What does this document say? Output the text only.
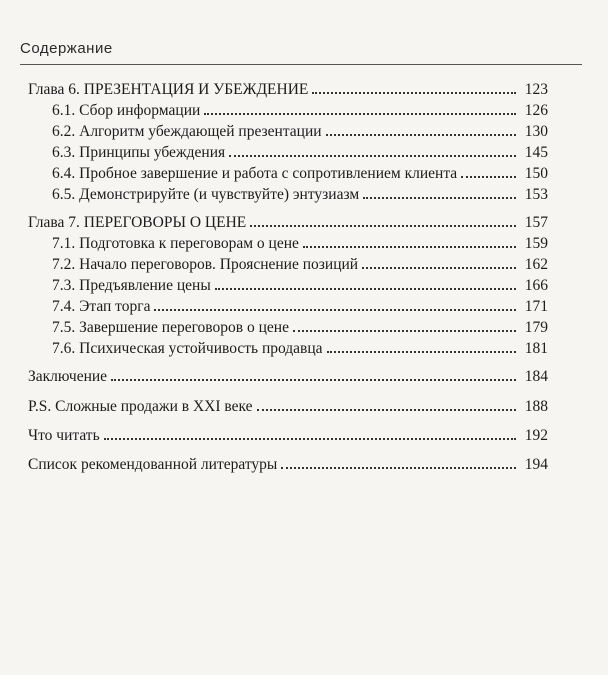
Содержание
Глава 6. ПРЕЗЕНТАЦИЯ И УБЕЖДЕНИЕ	123
6.1. Сбор информации	126
6.2. Алгоритм убеждающей презентации	130
6.3. Принципы убеждения	145
6.4. Пробное завершение и работа с сопротивлением клиента	150
6.5. Демонстрируйте (и чувствуйте) энтузиазм	153
Глава 7. ПЕРЕГОВОРЫ О ЦЕНЕ	157
7.1. Подготовка к переговорам о цене	159
7.2. Начало переговоров. Прояснение позиций	162
7.3. Предъявление цены	166
7.4. Этап торга	171
7.5. Завершение переговоров о цене	179
7.6. Психическая устойчивость продавца	181
Заключение	184
P.S. Сложные продажи в XXI веке	188
Что читать	192
Список рекомендованной литературы	194
